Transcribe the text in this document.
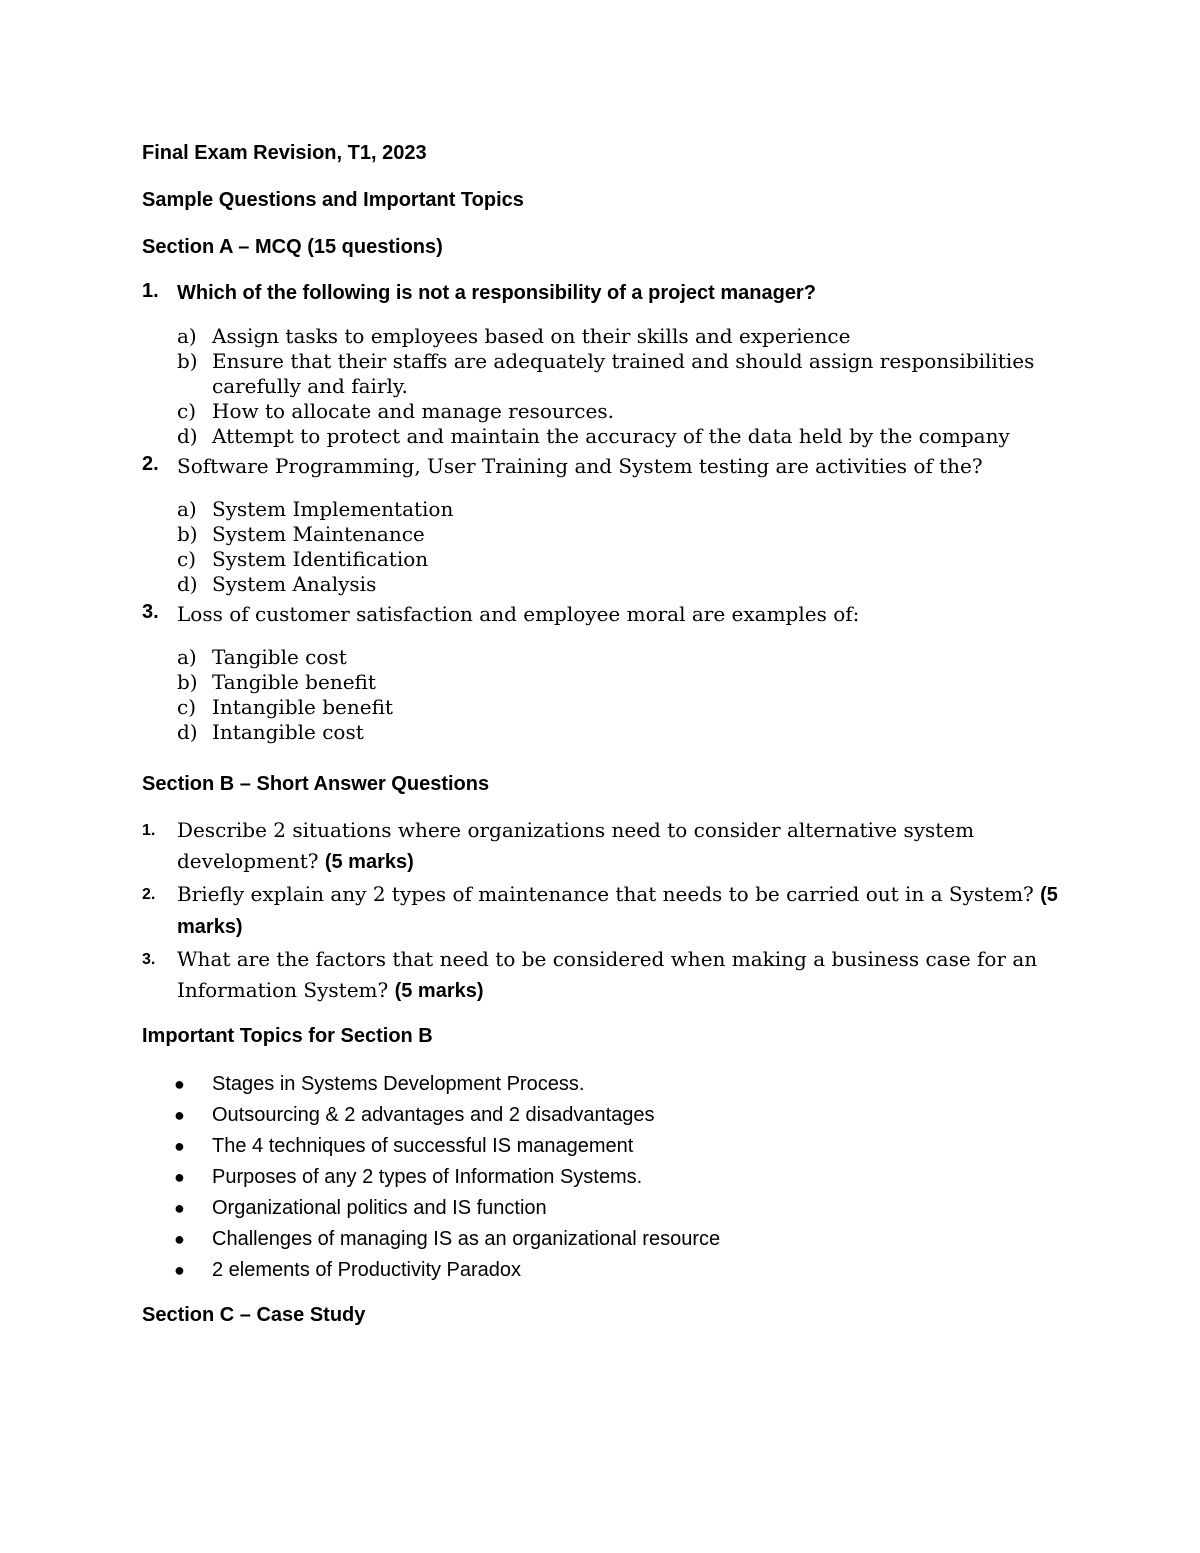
Final Exam Revision, T1, 2023
Sample Questions and Important Topics
Section A – MCQ (15 questions)
1. Which of the following is not a responsibility of a project manager?
a) Assign tasks to employees based on their skills and experience
b) Ensure that their staffs are adequately trained and should assign responsibilities carefully and fairly.
c) How to allocate and manage resources.
d) Attempt to protect and maintain the accuracy of the data held by the company
2. Software Programming, User Training and System testing are activities of the?
a) System Implementation
b) System Maintenance
c) System Identification
d) System Analysis
3. Loss of customer satisfaction and employee moral are examples of:
a) Tangible cost
b) Tangible benefit
c) Intangible benefit
d) Intangible cost
Section B – Short Answer Questions
1.	Describe 2 situations where organizations need to consider alternative system development? (5 marks)
2.	Briefly explain any 2 types of maintenance that needs to be carried out in a System? (5 marks)
3.	What are the factors that need to be considered when making a business case for an Information System? (5 marks)
Important Topics for Section B
● Stages in Systems Development Process.
● Outsourcing & 2 advantages and 2 disadvantages
● The 4 techniques of successful IS management
● Purposes of any 2 types of Information Systems.
● Organizational politics and IS function
● Challenges of managing IS as an organizational resource
● 2 elements of Productivity Paradox
Section C – Case Study
